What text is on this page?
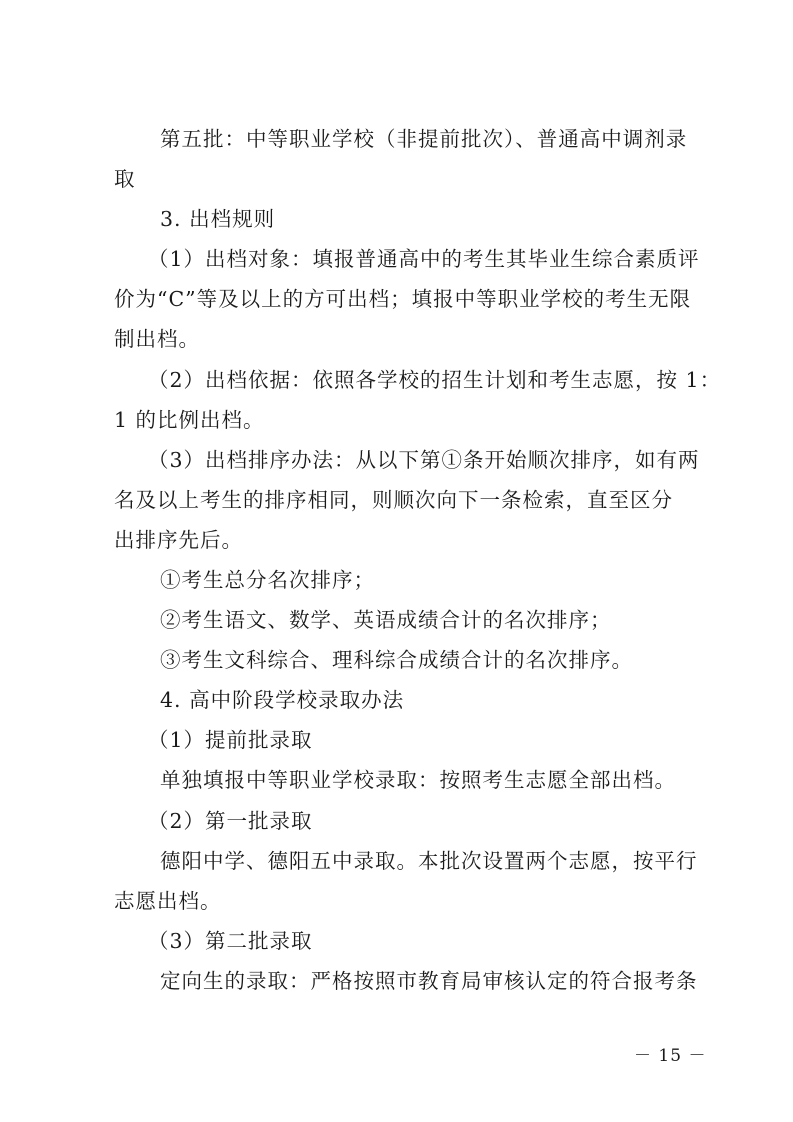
第五批：中等职业学校（非提前批次）、普通高中调剂录
取
3. 出档规则
（1）出档对象：填报普通高中的考生其毕业生综合素质评
价为“C”等及以上的方可出档；填报中等职业学校的考生无限
制出档。
（2）出档依据：依照各学校的招生计划和考生志愿，按 1：
1 的比例出档。
（3）出档排序办法：从以下第①条开始顺次排序，如有两
名及以上考生的排序相同，则顺次向下一条检索，直至区分
出排序先后。
①考生总分名次排序；
②考生语文、数学、英语成绩合计的名次排序；
③考生文科综合、理科综合成绩合计的名次排序。
4. 高中阶段学校录取办法
（1）提前批录取
单独填报中等职业学校录取：按照考生志愿全部出档。
（2）第一批录取
德阳中学、德阳五中录取。本批次设置两个志愿，按平行
志愿出档。
（3）第二批录取
定向生的录取：严格按照市教育局审核认定的符合报考条
－ 15 －
